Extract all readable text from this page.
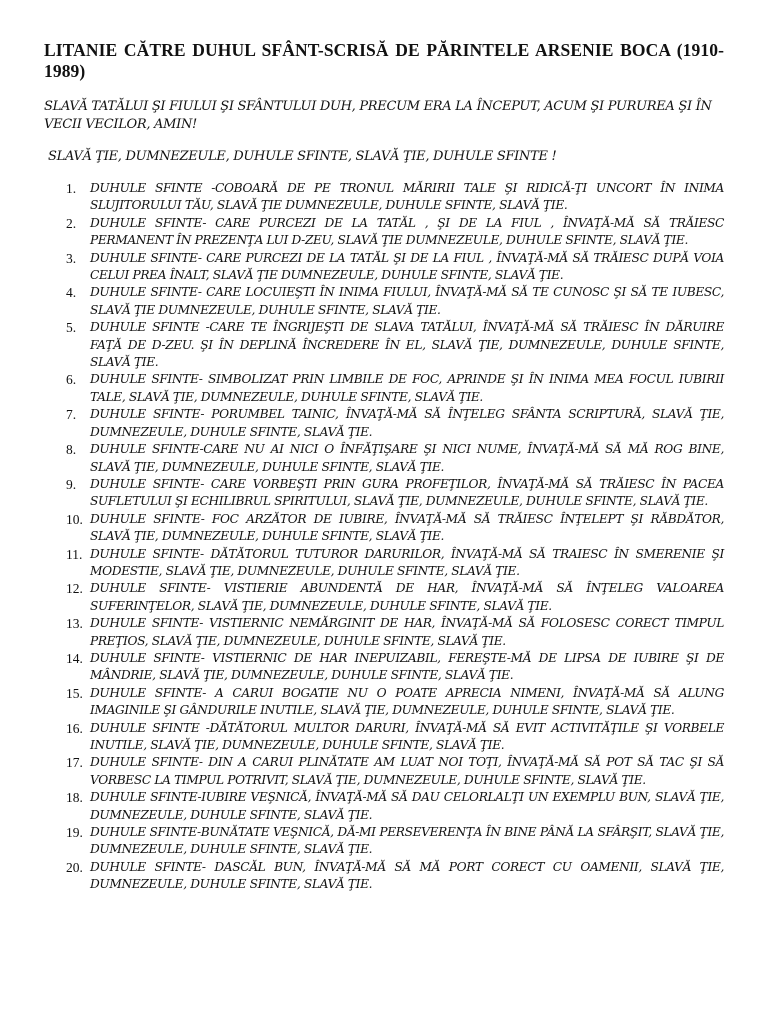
LITANIE CĂTRE DUHUL SFÂNT-SCRISĂ DE PĂRINTELE ARSENIE BOCA (1910-1989)

SLAVĂ TATĂLUI ŞI FIULUI ŞI SFÂNTULUI DUH, PRECUM ERA LA ÎNCEPUT, ACUM ŞI PURUREA ŞI ÎN VECII VECILOR, AMIN!

SLAVĂ ŢIE, DUMNEZEULE, DUHULE SFINTE, SLAVĂ ŢIE, DUHULE SFINTE !

1.	DUHULE SFINTE -COBOARĂ DE PE TRONUL MĂRIRII TALE ŞI RIDICĂ-ŢI UNCORT ÎN INIMA SLUJITORULUI TĂU, SLAVĂ ŢIE DUMNEZEULE, DUHULE SFINTE, SLAVĂ ŢIE.
2.	DUHULE SFINTE- CARE PURCEZI DE LA TATĂL , ŞI DE LA FIUL , ÎNVAŢĂ-MĂ SĂ TRĂIESC PERMANENT ÎN PREZENŢA LUI D-ZEU, SLAVĂ ŢIE DUMNEZEULE, DUHULE SFINTE, SLAVĂ ŢIE.
3.	DUHULE SFINTE- CARE PURCEZI DE LA TATĂL ŞI DE LA FIUL , ÎNVAŢĂ-MĂ SĂ TRĂIESC DUPĂ VOIA CELUI PREA ÎNALT, SLAVĂ ŢIE DUMNEZEULE, DUHULE SFINTE, SLAVĂ ŢIE.
4.	DUHULE SFINTE- CARE LOCUIEŞTI ÎN INIMA FIULUI, ÎNVAŢĂ-MĂ SĂ TE CUNOSC ŞI SĂ TE IUBESC, SLAVĂ ŢIE DUMNEZEULE, DUHULE SFINTE, SLAVĂ ŢIE.
5.	DUHULE SFINTE -CARE TE ÎNGRIJEŞTI DE SLAVA TATĂLUI, ÎNVAŢĂ-MĂ SĂ TRĂIESC ÎN DĂRUIRE FAŢĂ DE D-ZEU. ŞI ÎN DEPLINĂ ÎNCREDERE ÎN EL, SLAVĂ ŢIE, DUMNEZEULE, DUHULE SFINTE, SLAVĂ ŢIE.
6.	DUHULE SFINTE- SIMBOLIZAT PRIN LIMBILE DE FOC, APRINDE ŞI ÎN INIMA MEA FOCUL IUBIRII TALE, SLAVĂ ŢIE, DUMNEZEULE, DUHULE SFINTE, SLAVĂ ŢIE.
7.	DUHULE SFINTE- PORUMBEL TAINIC, ÎNVAŢĂ-MĂ SĂ ÎNŢELEG SFÂNTA SCRIPTURĂ, SLAVĂ ŢIE, DUMNEZEULE, DUHULE SFINTE, SLAVĂ ŢIE.
8.	DUHULE SFINTE-CARE NU AI NICI O ÎNFĂŢIŞARE ŞI NICI NUME, ÎNVAŢĂ-MĂ SĂ MĂ ROG BINE, SLAVĂ ŢIE, DUMNEZEULE, DUHULE SFINTE, SLAVĂ ŢIE.
9.	DUHULE SFINTE- CARE VORBEŞTI PRIN GURA PROFEŢILOR, ÎNVAŢĂ-MĂ SĂ TRĂIESC ÎN PACEA SUFLETULUI ŞI ECHILIBRUL SPIRITULUI, SLAVĂ ŢIE, DUMNEZEULE, DUHULE SFINTE, SLAVĂ ŢIE.
10. DUHULE SFINTE- FOC ARZĂTOR DE IUBIRE, ÎNVAŢĂ-MĂ SĂ TRĂIESC ÎNŢELEPT ŞI RĂBDĂTOR, SLAVĂ ŢIE, DUMNEZEULE, DUHULE SFINTE, SLAVĂ ŢIE.
11. DUHULE SFINTE- DĂTĂTORUL TUTUROR DARURILOR, ÎNVAŢĂ-MĂ SĂ TRAIESC ÎN SMERENIE ŞI MODESTIE, SLAVĂ ŢIE, DUMNEZEULE, DUHULE SFINTE, SLAVĂ ŢIE.
12. DUHULE SFINTE- VISTIERIE ABUNDENTĂ DE HAR, ÎNVAŢĂ-MĂ SĂ ÎNŢELEG VALOAREA SUFERINŢELOR, SLAVĂ ŢIE, DUMNEZEULE, DUHULE SFINTE, SLAVĂ ŢIE.
13. DUHULE SFINTE- VISTIERNIC NEMĂRGINIT DE HAR, ÎNVAŢĂ-MĂ SĂ FOLOSESC CORECT TIMPUL PREŢIOS, SLAVĂ ŢIE, DUMNEZEULE, DUHULE SFINTE, SLAVĂ ŢIE.
14. DUHULE SFINTE- VISTIERNIC DE HAR INEPUIZABIL, FEREŞTE-MĂ DE LIPSA DE IUBIRE ŞI DE MÂNDRIE, SLAVĂ ŢIE, DUMNEZEULE, DUHULE SFINTE, SLAVĂ ŢIE.
15. DUHULE SFINTE- A CARUI BOGATIE NU O POATE APRECIA NIMENI, ÎNVAŢĂ-MĂ SĂ ALUNG IMAGINILE ŞI GÂNDURILE INUTILE, SLAVĂ ŢIE, DUMNEZEULE, DUHULE SFINTE, SLAVĂ ŢIE.
16. DUHULE SFINTE -DĂTĂTORUL MULTOR DARURI, ÎNVAŢĂ-MĂ SĂ EVIT ACTIVITĂŢILE ŞI VORBELE INUTILE, SLAVĂ ŢIE, DUMNEZEULE, DUHULE SFINTE, SLAVĂ ŢIE.
17. DUHULE SFINTE- DIN A CARUI PLINĂTATE AM LUAT NOI TOŢI, ÎNVAŢĂ-MĂ SĂ POT SĂ TAC ŞI SĂ VORBESC LA TIMPUL POTRIVIT, SLAVĂ ŢIE, DUMNEZEULE, DUHULE SFINTE, SLAVĂ ŢIE.
18. DUHULE SFINTE-IUBIRE VEŞNICĂ, ÎNVAŢĂ-MĂ SĂ DAU CELORLALŢI UN EXEMPLU BUN, SLAVĂ ŢIE, DUMNEZEULE, DUHULE SFINTE, SLAVĂ ŢIE.
19. DUHULE SFINTE-BUNĂTATE VEŞNICĂ, DĂ-MI PERSEVERENŢA ÎN BINE PÂNĂ LA SFÂRŞIT, SLAVĂ ŢIE, DUMNEZEULE, DUHULE SFINTE, SLAVĂ ŢIE.
20. DUHULE SFINTE- DASCĂL BUN, ÎNVAŢĂ-MĂ SĂ MĂ PORT CORECT CU OAMENII, SLAVĂ ŢIE, DUMNEZEULE, DUHULE SFINTE, SLAVĂ ŢIE.
